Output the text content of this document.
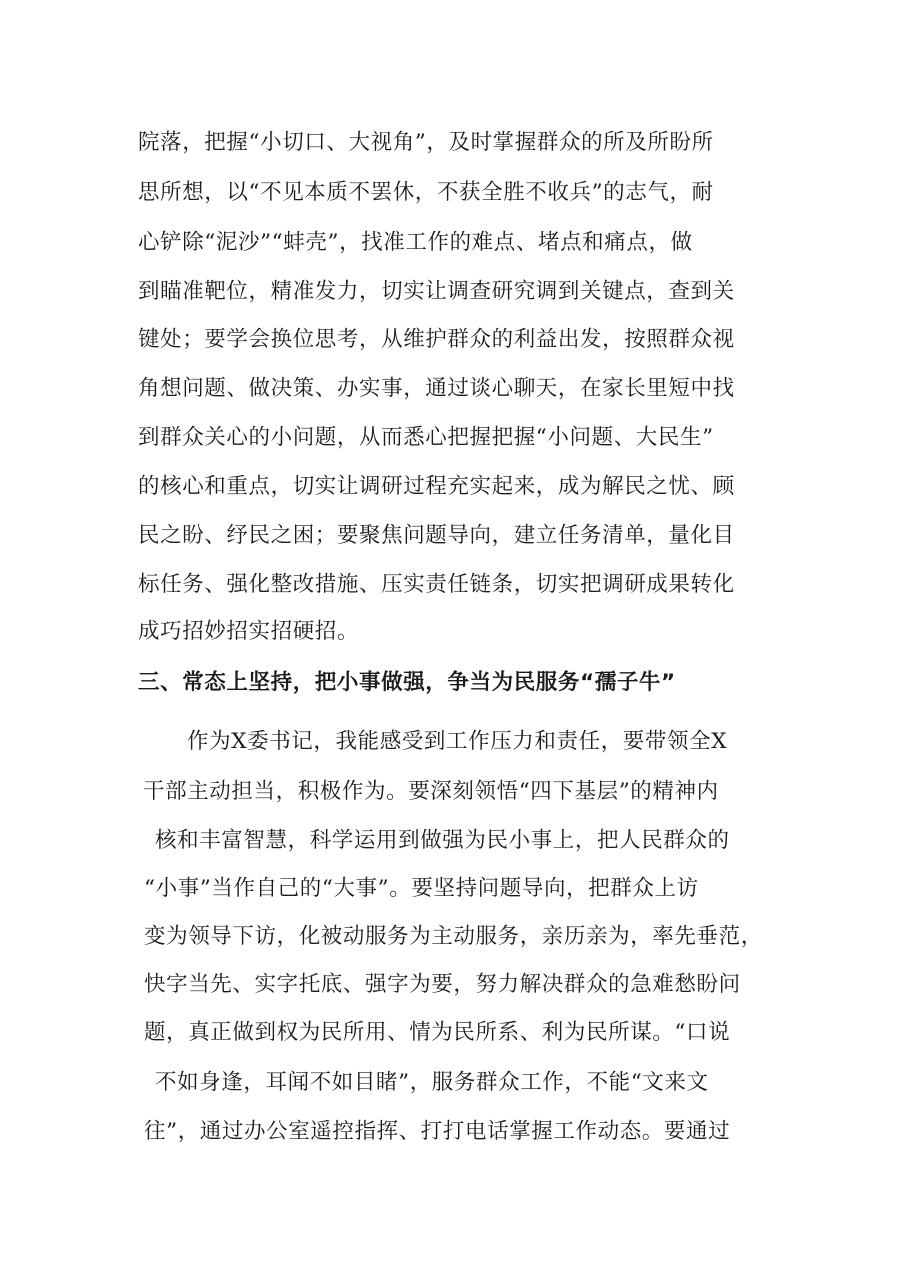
院落，把握“小切口、大视角”，及时掌握群众的所及所盼所
思所想，以“不见本质不罢休，不获全胜不收兵”的志气，耐
心铲除“泥沙”“蚌壳”，找准工作的难点、堵点和痛点，做
到瞄准靶位，精准发力，切实让调查研究调到关键点，查到关
键处；要学会换位思考，从维护群众的利益出发，按照群众视
角想问题、做决策、办实事，通过谈心聊天，在家长里短中找
到群众关心的小问题，从而悉心把握把握“小问题、大民生”
的核心和重点，切实让调研过程充实起来，成为解民之忧、顾
民之盼、纾民之困；要聚焦问题导向，建立任务清单，量化目
标任务、强化整改措施、压实责任链条，切实把调研成果转化
成巧招妙招实招硬招。
三、常态上坚持，把小事做强，争当为民服务“孺子牛”
作为X委书记，我能感受到工作压力和责任，要带领全X
干部主动担当，积极作为。要深刻领悟“四下基层”的精神内
核和丰富智慧，科学运用到做强为民小事上，把人民群众的
“小事”当作自己的“大事”。要坚持问题导向，把群众上访
变为领导下访，化被动服务为主动服务，亲历亲为，率先垂范，
快字当先、实字托底、强字为要，努力解决群众的急难愁盼问
题，真正做到权为民所用、情为民所系、利为民所谋。“口说
不如身逢，耳闻不如目睹”，服务群众工作，不能“文来文
往”，通过办公室遥控指挥、打打电话掌握工作动态。要通过
